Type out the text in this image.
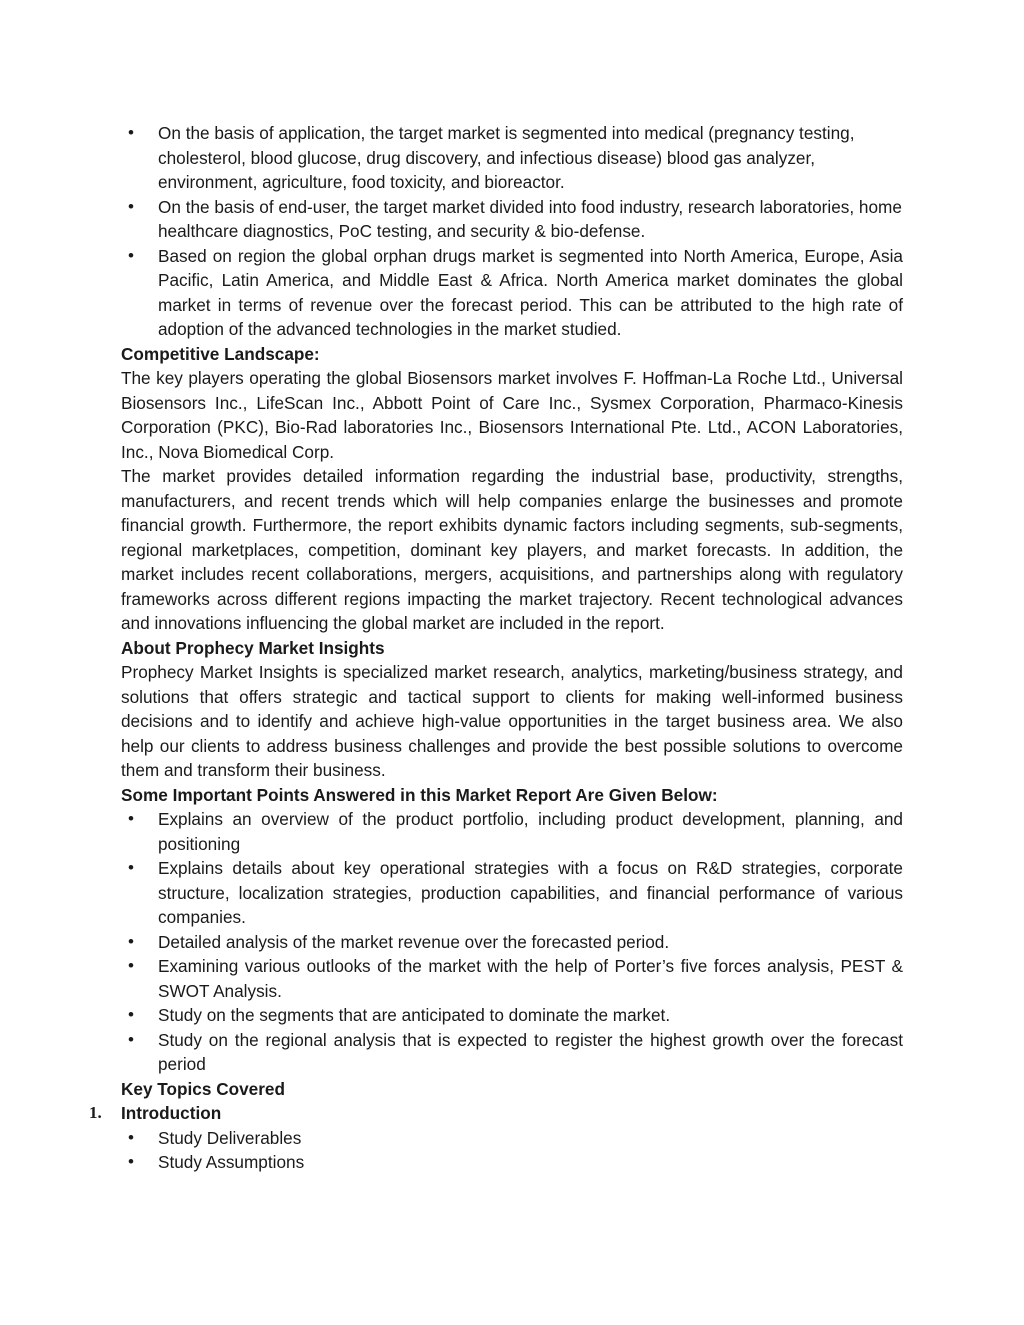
• On the basis of application, the target market is segmented into medical (pregnancy testing, cholesterol, blood glucose, drug discovery, and infectious disease) blood gas analyzer, environment, agriculture, food toxicity, and bioreactor.
• On the basis of end-user, the target market divided into food industry, research laboratories, home healthcare diagnostics, PoC testing, and security & bio-defense.
• Based on region the global orphan drugs market is segmented into North America, Europe, Asia Pacific, Latin America, and Middle East & Africa. North America market dominates the global market in terms of revenue over the forecast period. This can be attributed to the high rate of adoption of the advanced technologies in the market studied.
Competitive Landscape:

The key players operating the global Biosensors market involves F. Hoffman-La Roche Ltd., Universal Biosensors Inc., LifeScan Inc., Abbott Point of Care Inc., Sysmex Corporation, Pharmaco-Kinesis Corporation (PKC), Bio-Rad laboratories Inc., Biosensors International Pte. Ltd., ACON Laboratories, Inc., Nova Biomedical Corp.

The market provides detailed information regarding the industrial base, productivity, strengths, manufacturers, and recent trends which will help companies enlarge the businesses and promote financial growth. Furthermore, the report exhibits dynamic factors including segments, sub-segments, regional marketplaces, competition, dominant key players, and market forecasts. In addition, the market includes recent collaborations, mergers, acquisitions, and partnerships along with regulatory frameworks across different regions impacting the market trajectory. Recent technological advances and innovations influencing the global market are included in the report.

About Prophecy Market Insights

Prophecy Market Insights is specialized market research, analytics, marketing/business strategy, and solutions that offers strategic and tactical support to clients for making well-informed business decisions and to identify and achieve high-value opportunities in the target business area. We also help our clients to address business challenges and provide the best possible solutions to overcome them and transform their business.

Some Important Points Answered in this Market Report Are Given Below:
• Explains an overview of the product portfolio, including product development, planning, and positioning
• Explains details about key operational strategies with a focus on R&D strategies, corporate structure, localization strategies, production capabilities, and financial performance of various companies.
• Detailed analysis of the market revenue over the forecasted period.
• Examining various outlooks of the market with the help of Porter’s five forces analysis, PEST & SWOT Analysis.
• Study on the segments that are anticipated to dominate the market.
• Study on the regional analysis that is expected to register the highest growth over the forecast period
Key Topics Covered
1. Introduction
• Study Deliverables
• Study Assumptions
